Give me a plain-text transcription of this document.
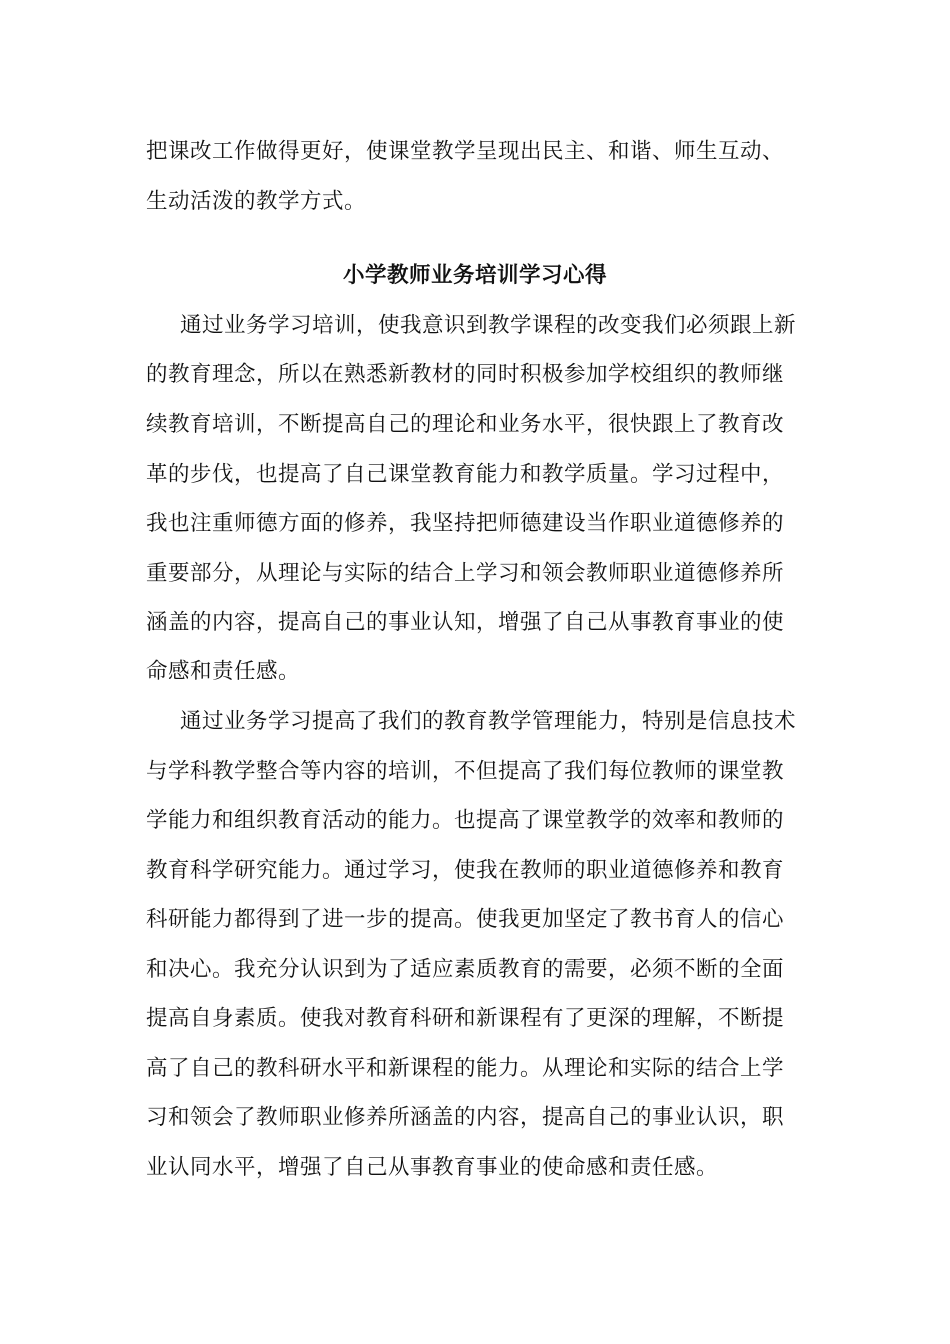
把课改工作做得更好，使课堂教学呈现出民主、和谐、师生互动、
生动活泼的教学方式。
小学教师业务培训学习心得
通过业务学习培训，使我意识到教学课程的改变我们必须跟上新
的教育理念，所以在熟悉新教材的同时积极参加学校组织的教师继
续教育培训，不断提高自己的理论和业务水平，很快跟上了教育改
革的步伐，也提高了自己课堂教育能力和教学质量。学习过程中，
我也注重师德方面的修养，我坚持把师德建设当作职业道德修养的
重要部分，从理论与实际的结合上学习和领会教师职业道德修养所
涵盖的内容，提高自己的事业认知，增强了自己从事教育事业的使
命感和责任感。
通过业务学习提高了我们的教育教学管理能力，特别是信息技术
与学科教学整合等内容的培训，不但提高了我们每位教师的课堂教
学能力和组织教育活动的能力。也提高了课堂教学的效率和教师的
教育科学研究能力。通过学习，使我在教师的职业道德修养和教育
科研能力都得到了进一步的提高。使我更加坚定了教书育人的信心
和决心。我充分认识到为了适应素质教育的需要，必须不断的全面
提高自身素质。使我对教育科研和新课程有了更深的理解，不断提
高了自己的教科研水平和新课程的能力。从理论和实际的结合上学
习和领会了教师职业修养所涵盖的内容，提高自己的事业认识，职
业认同水平，增强了自己从事教育事业的使命感和责任感。
